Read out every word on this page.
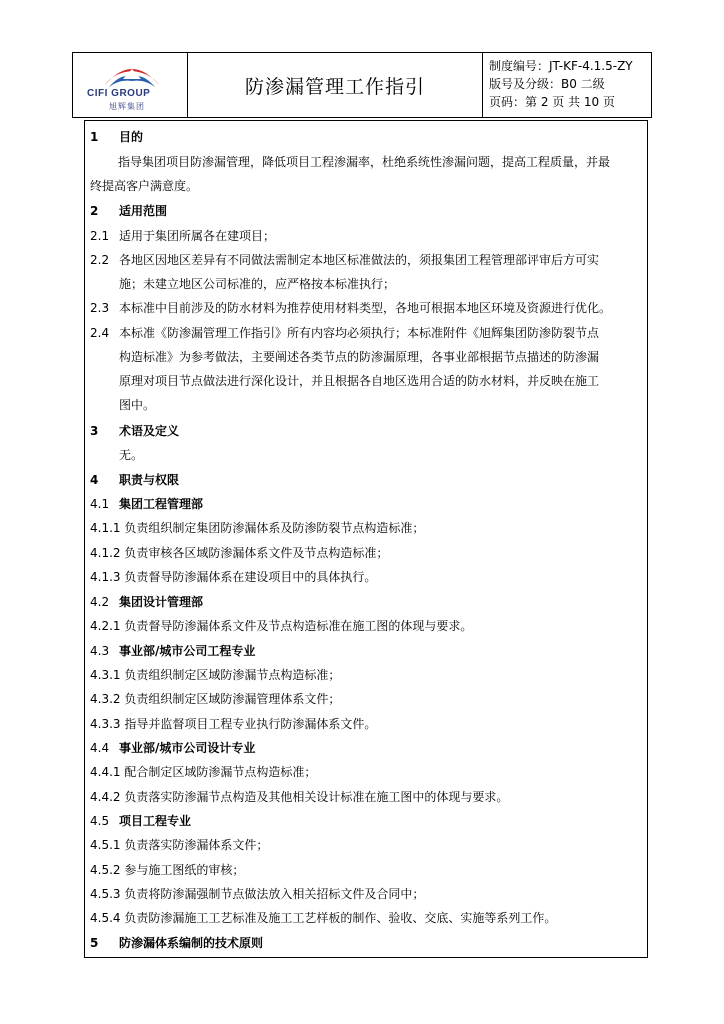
CIFI GROUP
旭辉集团
防渗漏管理工作指引
制度编号：JT-KF-4.1.5-ZY
版号及分级：B0 二级
页码：第 2 页 共 10 页
1 目的
指导集团项目防渗漏管理，降低项目工程渗漏率，杜绝系统性渗漏问题，提高工程质量，并最
终提高客户满意度。
2 适用范围
2.1 适用于集团所属各在建项目；
2.2 各地区因地区差异有不同做法需制定本地区标准做法的，须报集团工程管理部评审后方可实
施；未建立地区公司标准的，应严格按本标准执行；
2.3 本标准中目前涉及的防水材料为推荐使用材料类型，各地可根据本地区环境及资源进行优化。
2.4 本标准《防渗漏管理工作指引》所有内容均必须执行；本标准附件《旭辉集团防渗防裂节点
构造标准》为参考做法，主要阐述各类节点的防渗漏原理，各事业部根据节点描述的防渗漏
原理对项目节点做法进行深化设计，并且根据各自地区选用合适的防水材料，并反映在施工
图中。
3 术语及定义
无。
4 职责与权限
4.1 集团工程管理部
4.1.1 负责组织制定集团防渗漏体系及防渗防裂节点构造标准；
4.1.2 负责审核各区域防渗漏体系文件及节点构造标准；
4.1.3 负责督导防渗漏体系在建设项目中的具体执行。
4.2 集团设计管理部
4.2.1 负责督导防渗漏体系文件及节点构造标准在施工图的体现与要求。
4.3 事业部/城市公司工程专业
4.3.1 负责组织制定区域防渗漏节点构造标准；
4.3.2 负责组织制定区域防渗漏管理体系文件；
4.3.3 指导并监督项目工程专业执行防渗漏体系文件。
4.4 事业部/城市公司设计专业
4.4.1 配合制定区域防渗漏节点构造标准；
4.4.2 负责落实防渗漏节点构造及其他相关设计标准在施工图中的体现与要求。
4.5 项目工程专业
4.5.1 负责落实防渗漏体系文件；
4.5.2 参与施工图纸的审核；
4.5.3 负责将防渗漏强制节点做法放入相关招标文件及合同中；
4.5.4 负责防渗漏施工工艺标准及施工工艺样板的制作、验收、交底、实施等系列工作。
5 防渗漏体系编制的技术原则
